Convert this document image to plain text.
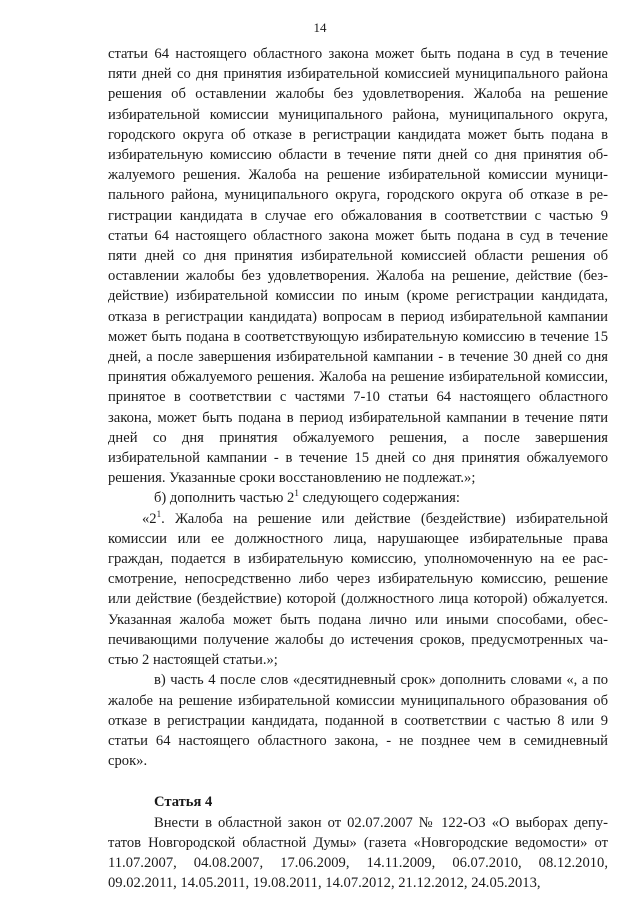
14

статьи 64 настоящего областного закона может быть подана в суд в течение пяти дней со дня принятия избирательной комиссией муниципального района решения об оставлении жалобы без удовлетворения. Жалоба на решение избирательной комиссии муниципального района, муниципального округа, городского округа об отказе в регистрации кандидата может быть подана в избирательную комиссию области в течение пяти дней со дня принятия обжалуемого решения. Жалоба на решение избирательной комиссии муниципального района, муниципального округа, городского округа об отказе в регистрации кандидата в случае его обжалования в соответствии с частью 9 статьи 64 настоящего областного закона может быть подана в суд в течение пяти дней со дня принятия избирательной комиссией области решения об оставлении жалобы без удовлетворения. Жалоба на решение, действие (бездействие) избирательной комиссии по иным (кроме регистрации кандидата, отказа в регистрации кандидата) вопросам в период избирательной кампании может быть подана в соответствующую избирательную комиссию в течение 15 дней, а после завершения избирательной кампании - в течение 30 дней со дня принятия обжалуемого решения. Жалоба на решение избирательной комиссии, принятое в соответствии с частями 7-10 статьи 64 настоящего областного закона, может быть подана в период избирательной кампании в течение пяти дней со дня принятия обжалуемого решения, а после завершения избирательной кампании - в течение 15 дней со дня принятия обжалуемого решения. Указанные сроки восстановлению не подлежат.»;

б) дополнить частью $2^1$ следующего содержания:

«$2^1$. Жалоба на решение или действие (бездействие) избирательной комиссии или ее должностного лица, нарушающее избирательные права граждан, подается в избирательную комиссию, уполномоченную на ее рассмотрение, непосредственно либо через избирательную комиссию, решение или действие (бездействие) которой (должностного лица которой) обжалуется. Указанная жалоба может быть подана лично или иными способами, обеспечивающими получение жалобы до истечения сроков, предусмотренных частью 2 настоящей статьи.»;

в) часть 4 после слов «десятидневный срок» дополнить словами «, а по жалобе на решение избирательной комиссии муниципального образования об отказе в регистрации кандидата, поданной в соответствии с частью 8 или 9 статьи 64 настоящего областного закона, - не позднее чем в семидневный срок».

Статья 4

Внести в областной закон от 02.07.2007 № 122-ОЗ «О выборах депутатов Новгородской областной Думы» (газета «Новгородские ведомости» от 11.07.2007, 04.08.2007, 17.06.2009, 14.11.2009, 06.07.2010, 08.12.2010, 09.02.2011, 14.05.2011, 19.08.2011, 14.07.2012, 21.12.2012, 24.05.2013,
